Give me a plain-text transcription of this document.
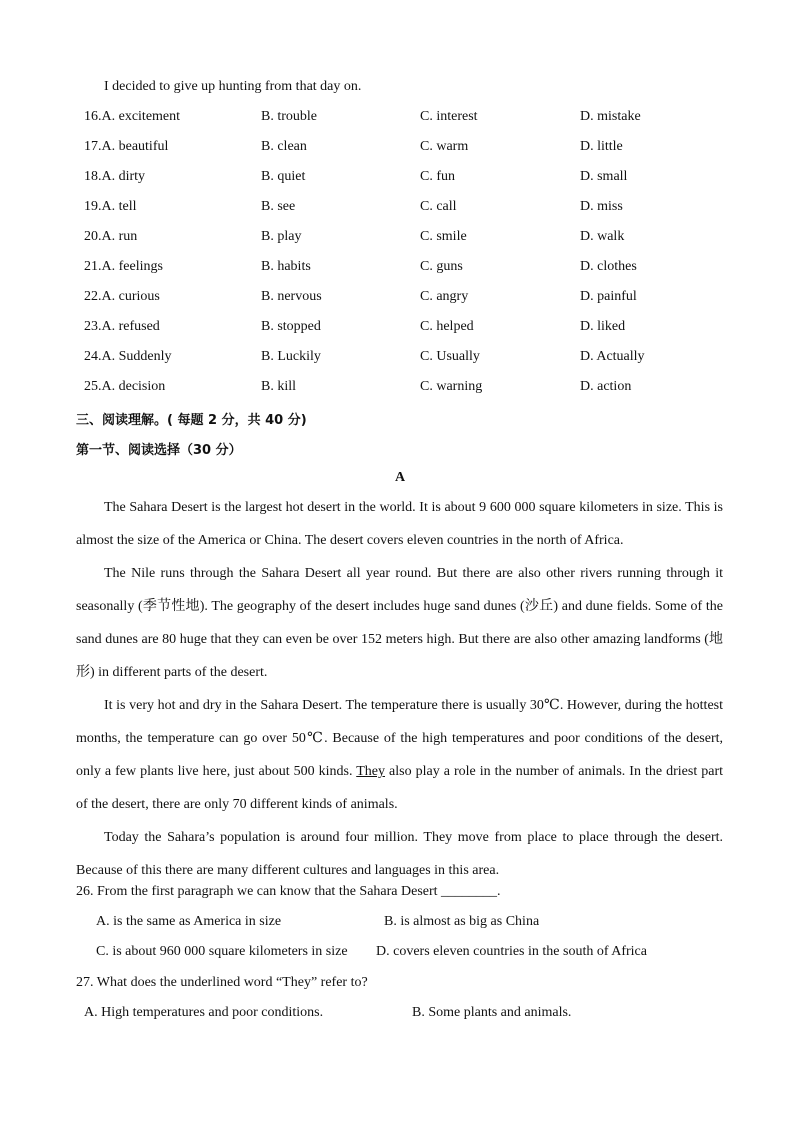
I decided to give up hunting from that day on.
16.A. excitement	B. trouble	C. interest	D. mistake
17.A. beautiful	B. clean	C. warm	D. little
18.A. dirty	B. quiet	C. fun	D. small
19.A. tell	B. see	C. call	D. miss
20.A. run	B. play	C. smile	D. walk
21.A. feelings	B. habits	C. guns	D. clothes
22.A. curious	B. nervous	C. angry	D. painful
23.A. refused	B. stopped	C. helped	D. liked
24.A. Suddenly	B. Luckily	C. Usually	D. Actually
25.A. decision	B. kill	C. warning	D. action
三、阅读理解。( 每题 2 分，共 40 分)
第一节、阅读选择（30 分）
A

The Sahara Desert is the largest hot desert in the world. It is about 9 600 000 square kilometers in size. This is almost the size of the America or China. The desert covers eleven countries in the north of Africa.

The Nile runs through the Sahara Desert all year round. But there are also other rivers running through it seasonally (季节性地). The geography of the desert includes huge sand dunes (沙丘) and dune fields. Some of the sand dunes are 80 huge that they can even be over 152 meters high. But there are also other amazing landforms (地形) in different parts of the desert.

It is very hot and dry in the Sahara Desert. The temperature there is usually 30℃. However, during the hottest months, the temperature can go over 50℃. Because of the high temperatures and poor conditions of the desert, only a few plants live here, just about 500 kinds. They also play a role in the number of animals. In the driest part of the desert, there are only 70 different kinds of animals.

Today the Sahara’s population is around four million. They move from place to place through the desert. Because of this there are many different cultures and languages in this area.

26. From the first paragraph we can know that the Sahara Desert ________.
A. is the same as America in size	B. is almost as big as China
C. is about 960 000 square kilometers in size D. covers eleven countries in the south of Africa
27. What does the underlined word “They” refer to?
A. High temperatures and poor conditions.	B. Some plants and animals.
